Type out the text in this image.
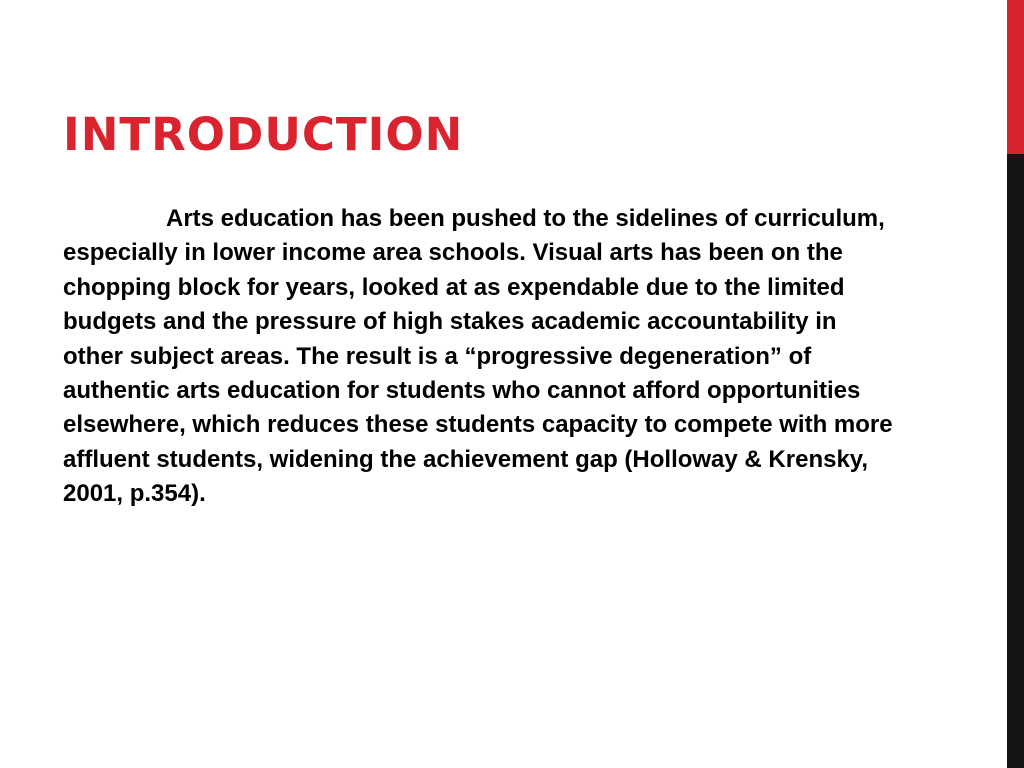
INTRODUCTION

Arts education has been pushed to the sidelines of curriculum, especially in lower income area schools. Visual arts has been on the chopping block for years, looked at as expendable due to the limited budgets and the pressure of high stakes academic accountability in other subject areas. The result is a “progressive degeneration” of authentic arts education for students who cannot afford opportunities elsewhere, which reduces these students capacity to compete with more affluent students, widening the achievement gap (Holloway & Krensky, 2001, p.354).
